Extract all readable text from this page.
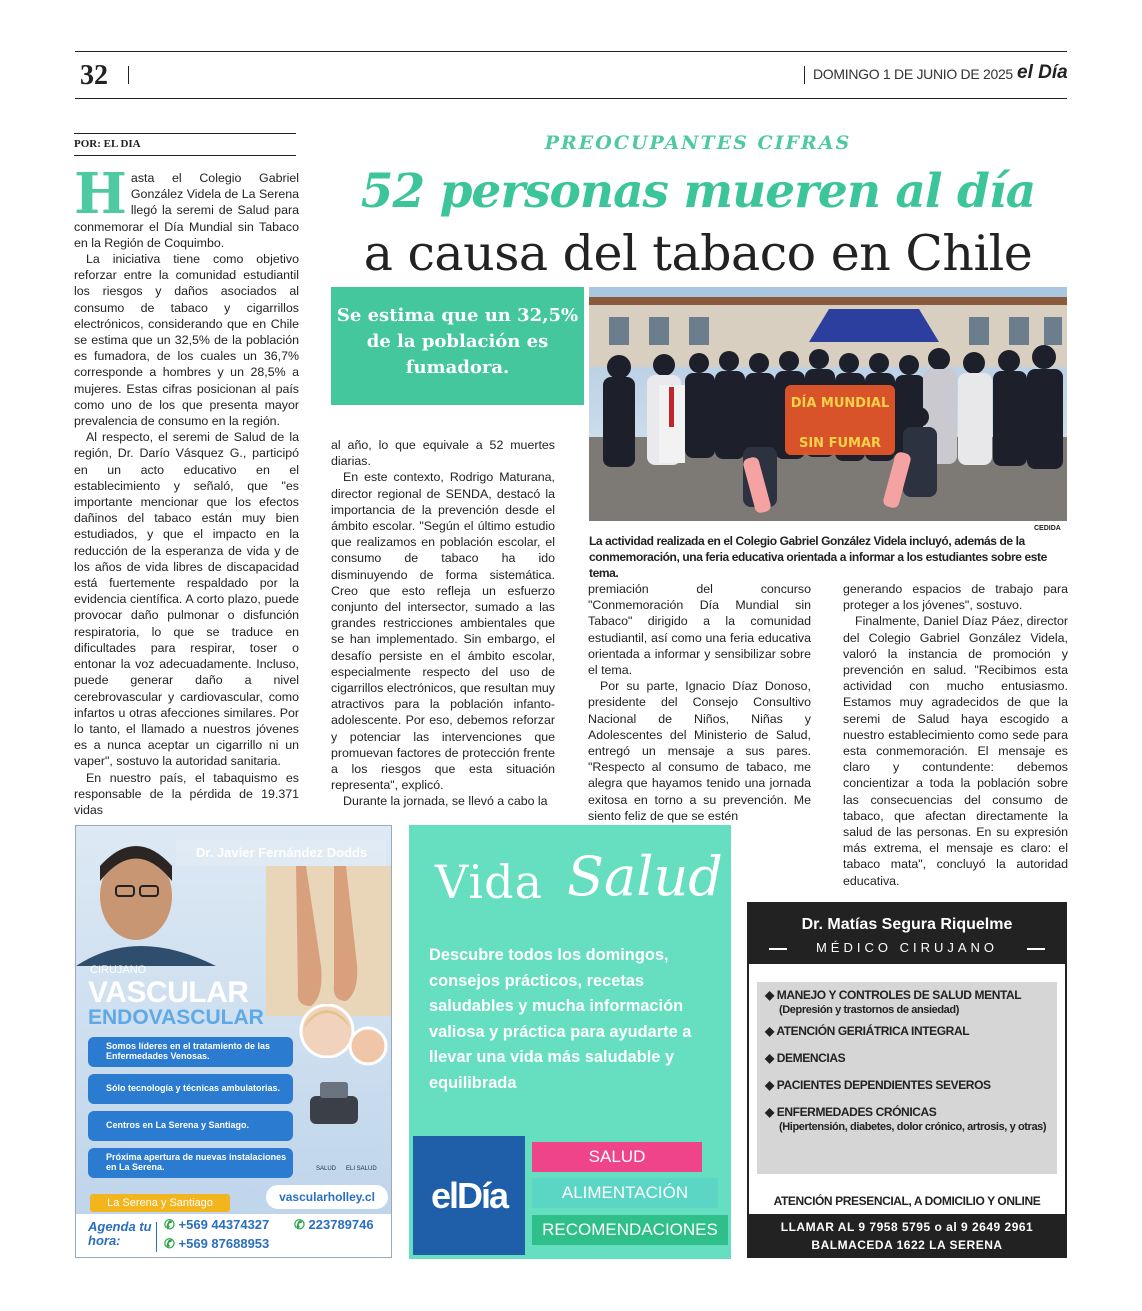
32	DOMINGO 1 DE JUNIO DE 2025 el Día
POR: EL DIA	PREOCUPANTES CIFRAS
52 personas mueren al día
a causa del tabaco en Chile
H asta el Colegio Gabriel González Videla de La Serena llegó la seremi de Salud para conmemorar el Día Mundial sin Tabaco en la Región de Coquimbo.

La iniciativa tiene como objetivo reforzar entre la comunidad estudiantil los riesgos y daños asociados al consumo de tabaco y cigarrillos electrónicos, considerando que en Chile se estima que un 32,5% de la población es fumadora, de los cuales un 36,7% corresponde a hombres y un 28,5% a mujeres. Estas cifras posicionan al país como uno de los que presenta mayor prevalencia de consumo en la región.

Al respecto, el seremi de Salud de la región, Dr. Darío Vásquez G., participó en un acto educativo en el establecimiento y señaló, que "es importante mencionar que los efectos dañinos del tabaco están muy bien estudiados, y que el impacto en la reducción de la esperanza de vida y de los años de vida libres de discapacidad está fuertemente respaldado por la evidencia científica. A corto plazo, puede provocar daño pulmonar o disfunción respiratoria, lo que se traduce en dificultades para respirar, toser o entonar la voz adecuadamente. Incluso, puede generar daño a nivel cerebrovascular y cardiovascular, como infartos u otras afecciones similares. Por lo tanto, el llamado a nuestros jóvenes es a nunca aceptar un cigarrillo ni un vaper", sostuvo la autoridad sanitaria.

En nuestro país, el tabaquismo es responsable de la pérdida de 19.371 vidas

Se estima que un 32,5% de la población es fumadora.

al año, lo que equivale a 52 muertes diarias.

En este contexto, Rodrigo Maturana, director regional de SENDA, destacó la importancia de la prevención desde el ámbito escolar. "Según el último estudio que realizamos en población escolar, el consumo de tabaco ha ido disminuyendo de forma sistemática. Creo que esto refleja un esfuerzo conjunto del intersector, sumado a las grandes restricciones ambientales que se han implementado. Sin embargo, el desafío persiste en el ámbito escolar, especialmente respecto del uso de cigarrillos electrónicos, que resultan muy atractivos para la población infanto-adolescente. Por eso, debemos reforzar y potenciar las intervenciones que promuevan factores de protección frente a los riesgos que esta situación representa", explicó.

Durante la jornada, se llevó a cabo la

DÍA MUNDIAL
SIN FUMAR
CEDIDA
La actividad realizada en el Colegio Gabriel González Videla incluyó, además de la conmemoración, una feria educativa orientada a informar a los estudiantes sobre este tema.

premiación del concurso "Conmemoración Día Mundial sin Tabaco" dirigido a la comunidad estudiantil, así como una feria educativa orientada a informar y sensibilizar sobre el tema.

Por su parte, Ignacio Díaz Donoso, presidente del Consejo Consultivo Nacional de Niños, Niñas y Adolescentes del Ministerio de Salud, entregó un mensaje a sus pares. "Respecto al consumo de tabaco, me alegra que hayamos tenido una jornada exitosa en torno a su prevención. Me siento feliz de que se estén

generando espacios de trabajo para proteger a los jóvenes", sostuvo.

Finalmente, Daniel Díaz Páez, director del Colegio Gabriel González Videla, valoró la instancia de promoción y prevención en salud. "Recibimos esta actividad con mucho entusiasmo. Estamos muy agradecidos de que la seremi de Salud haya escogido a nuestro establecimiento como sede para esta conmemoración. El mensaje es claro y contundente: debemos concientizar a toda la población sobre las consecuencias del consumo de tabaco, que afectan directamente la salud de las personas. En su expresión más extrema, el mensaje es claro: el tabaco mata", concluyó la autoridad educativa.

Dr. Javier Fernández Dodds
CIRUJANO
VASCULAR
ENDOVASCULAR
Somos líderes en el tratamiento de las Enfermedades Venosas.
Sólo tecnología y técnicas ambulatorias.
Centros en La Serena y Santiago.
Próxima apertura de nuevas instalaciones en La Serena.	SALUD ELI SALUD
La Serena y Santiago	vascularholley.cl
Agenda tu hora:
✆ +569 44374327 ✆ 223789746
✆ +569 87688953
Vida Salud
Descubre todos los domingos, consejos prácticos, recetas saludables y mucha información valiosa y práctica para ayudarte a llevar una vida más saludable y equilibrada
elDía
SALUD
ALIMENTACIÓN
RECOMENDACIONES
Dr. Matías Segura Riquelme
MÉDICO CIRUJANO
◆ MANEJO Y CONTROLES DE SALUD MENTAL
(Depresión y trastornos de ansiedad)
◆ ATENCIÓN GERIÁTRICA INTEGRAL
◆ DEMENCIAS
◆ PACIENTES DEPENDIENTES SEVEROS
◆ ENFERMEDADES CRÓNICAS
(Hipertensión, diabetes, dolor crónico, artrosis, y otras)
ATENCIÓN PRESENCIAL, A DOMICILIO Y ONLINE
LLAMAR AL 9 7958 5795 o al 9 2649 2961
BALMACEDA 1622 LA SERENA
